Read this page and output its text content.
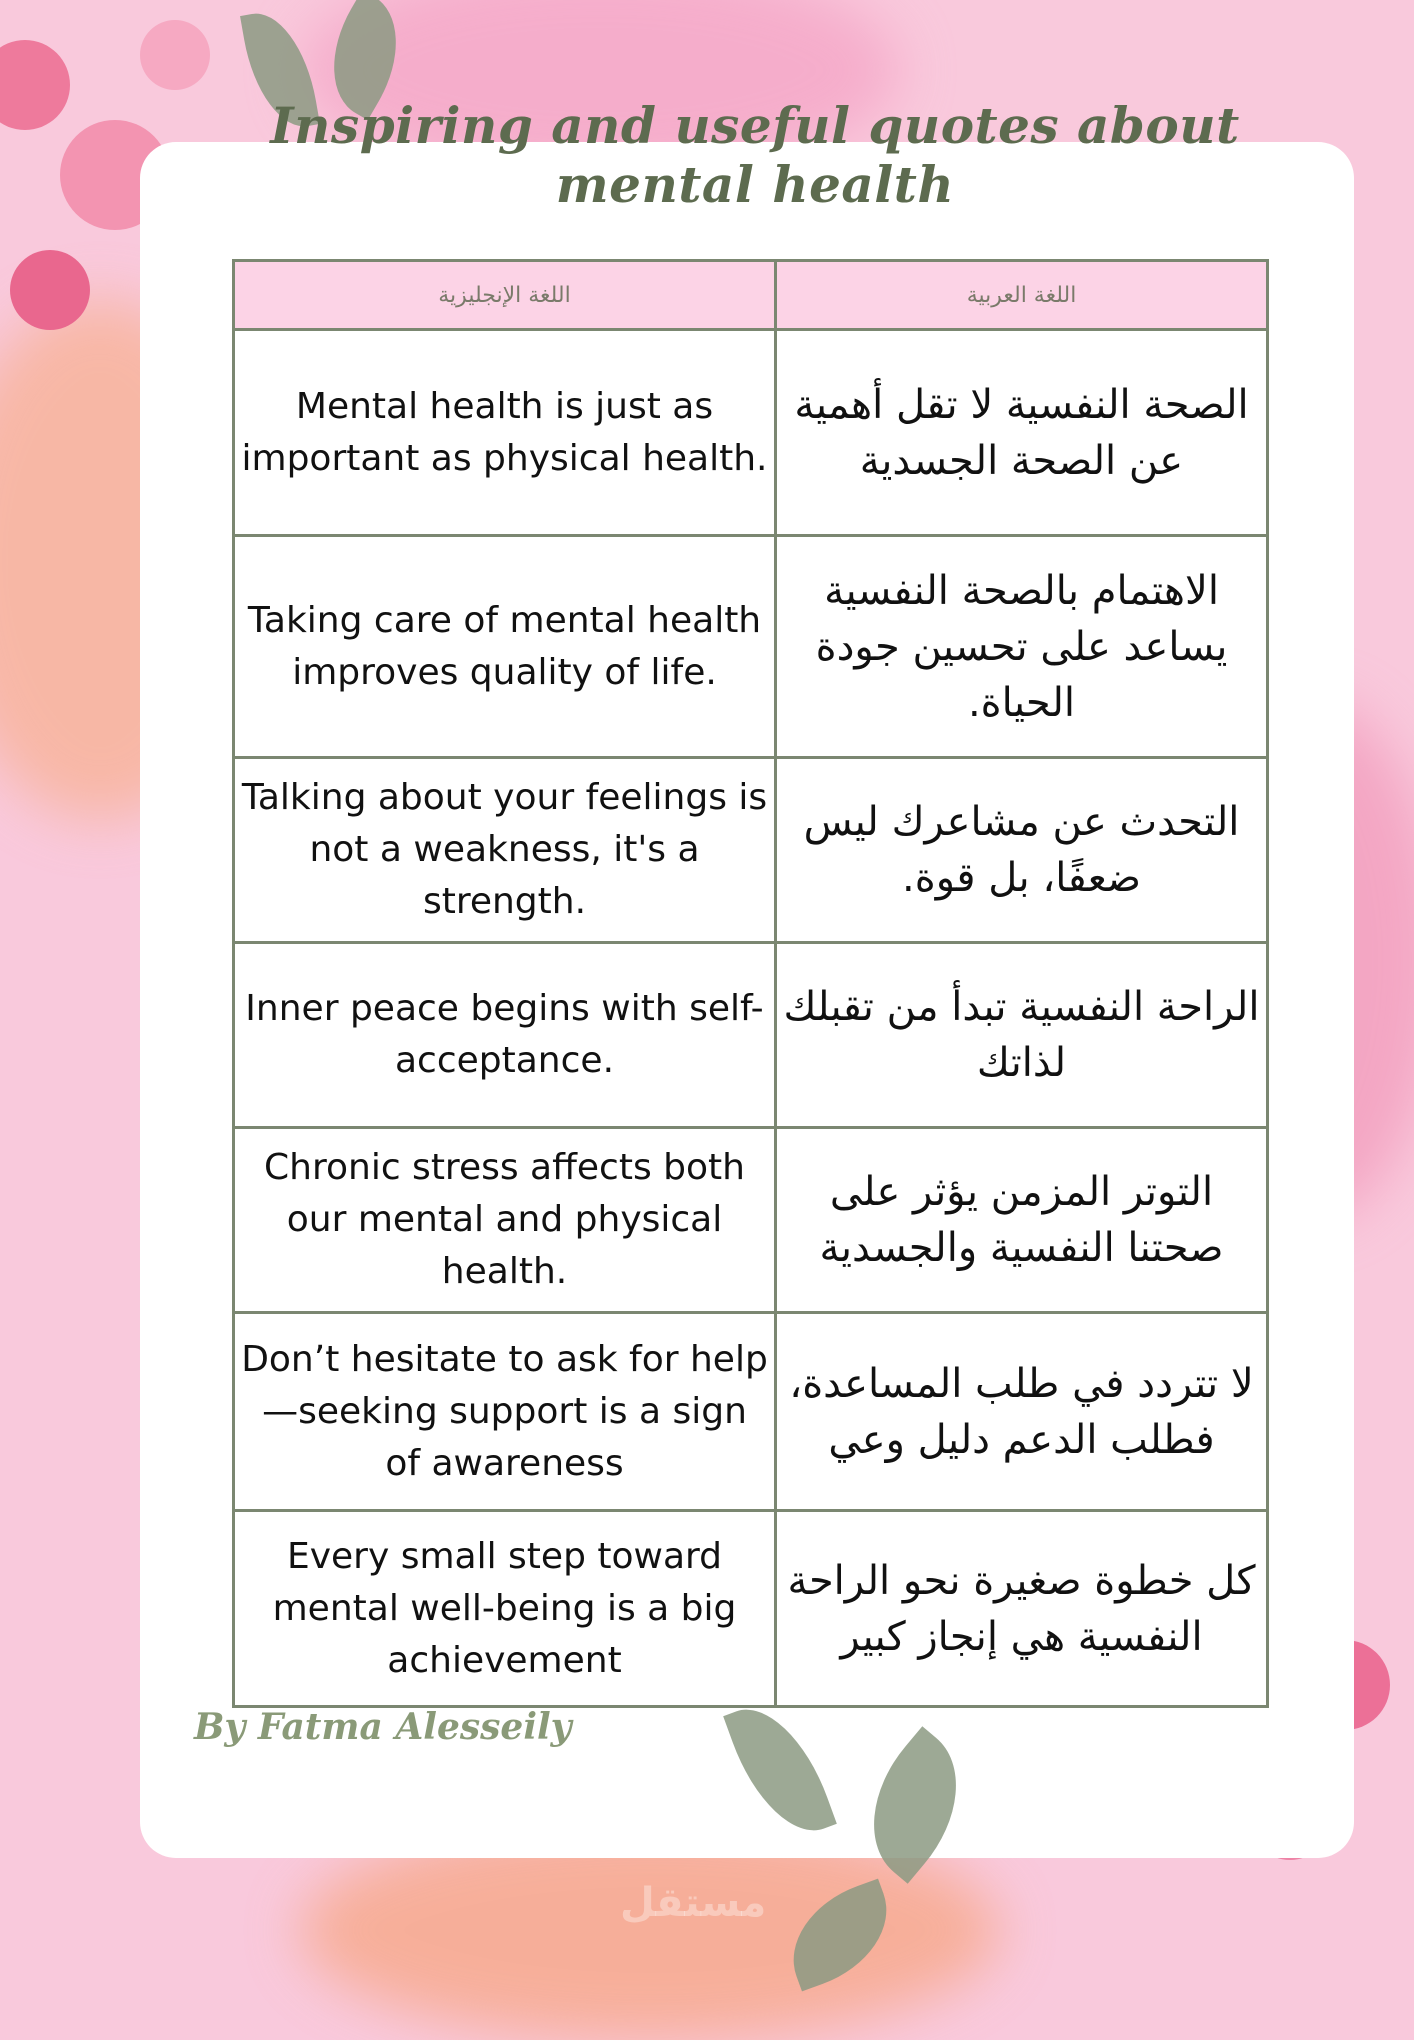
Inspiring and useful quotes about mental health
اللغة الإنجليزية	اللغة العربية
Mental health is just as important as physical health.	الصحة النفسية لا تقل أهمية عن الصحة الجسدية
Taking care of mental health improves quality of life.	الاهتمام بالصحة النفسية يساعد على تحسين جودة الحياة.
Talking about your feelings is not a weakness, it's a strength.	التحدث عن مشاعرك ليس ضعفًا، بل قوة.
Inner peace begins with self-acceptance.	الراحة النفسية تبدأ من تقبلك لذاتك
Chronic stress affects both our mental and physical health.	التوتر المزمن يؤثر على صحتنا النفسية والجسدية
Don’t hesitate to ask for help—seeking support is a sign of awareness	لا تتردد في طلب المساعدة، فطلب الدعم دليل وعي
Every small step toward mental well-being is a big achievement	كل خطوة صغيرة نحو الراحة النفسية هي إنجاز كبير

By Fatma Alesseily

مستقل
